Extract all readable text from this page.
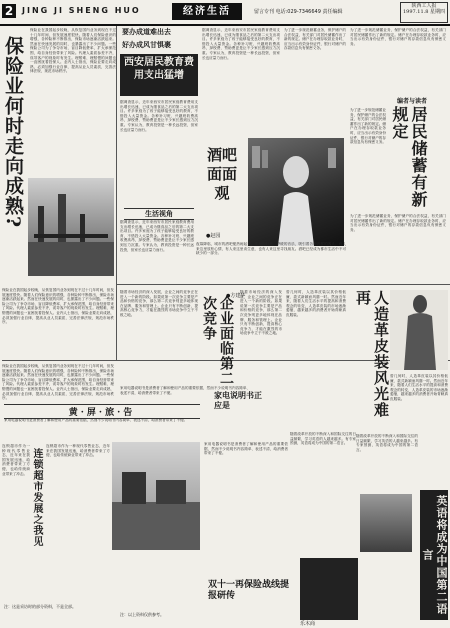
2	JING JI SHENG HUO	经济生活	留言专刊 电话:029-7346649 责任编辑
陕西工人报
1997.11.8 星期四
保险业何时走向成熟?
保险业在我国起步较晚，从恢复国内业务到现在不过十几年时间，但发展速度很快。随着人们保险意识的增强，各种险种不断推出，保险市场逐渐活跃起来。然而在快速发展的同时，也暴露出了不少问题。一些保险公司为了争夺市场，盲目降低费率，扩大承保范围，给自身经营带来了风险。代理人素质参差不齐，误导客户的现象时有发生。理赔难、理赔慢的问题也一直困扰着投保人。业内人士指出，保险业要走向成熟，必须加强行业自律，提高从业人员素质，完善法律法规，规范市场秩序。
保险业在我国起步较晚，从恢复国内业务到现在不过十几年时间，但发展速度很快。随着人们保险意识的增强，各种险种不断推出，保险市场逐渐活跃起来。然而在快速发展的同时，也暴露出了不少问题。一些保险公司为了争夺市场，盲目降低费率，扩大承保范围，给自身经营带来了风险。代理人素质参差不齐，误导客户的现象时有发生。理赔难、理赔慢的问题也一直困扰着投保人。业内人士指出，保险业要走向成熟，必须加强行业自律，提高从业人员素质，完善法律法规，规范市场秩序。
要办成道难出去
好办成风甘惧裹
西安居民教育费用支出猛增
据调查显示，近年来西安市居民家庭教育费用支出增长迅速，已成为继食品之后的第二大支出项目。许多家庭为了孩子能够接受良好的教育，不惜投入大量资金。各种补习班、兴趣班收费高昂，择校费、赞助费更是让不少家长感到压力沉重。专家认为，教育投资是一种长远投资，但家长也应量力而行。
据调查显示，近年来西安市居民家庭教育费用支出增长迅速，已成为继食品之后的第二大支出项目。许多家庭为了孩子能够接受良好的教育，不惜投入大量资金。各种补习班、兴趣班收费高昂，择校费、赞助费更是让不少家长感到压力沉重。专家认为，教育投资是一种长远投资，但家长也应量力而行。
为了进一步规范储蓄业务，保护储户的合法权益，有关部门对居民储蓄作出了新的规定。储户在办理存取款业务时，应当出示有效身份证件，银行对储户的存款信息负有保密义务。
为了进一步规范储蓄业务，保护储户的合法权益，有关部门对居民储蓄作出了新的规定。储户在办理存取款业务时，应当出示有效身份证件，银行对储户的存款信息负有保密义务。
酒吧面面观
●赵园
夜幕降临，城市的酒吧便热闹起来。柔和的灯光，舒缓的音乐，吸引着各种各样的客人。有人来这里放松心情，有人来这里谈生意，也有人来这里寻找朋友。酒吧已经成为都市生活中不可缺少的一部分。
生活视角
据调查显示，近年来西安市居民家庭教育费用支出增长迅速，已成为继食品之后的第二大支出项目。许多家庭为了孩子能够接受良好的教育，不惜投入大量资金。各种补习班、兴趣班收费高昂，择校费、赞助费更是让不少家长感到压力沉重。专家认为，教育投资是一种长远投资，但家长也应量力而行。
编者与读者
居民储蓄有新规定
为了进一步规范储蓄业务，保护储户的合法权益，有关部门对居民储蓄作出了新的规定。储户在办理存取款业务时，应当出示有效身份证件，银行对储户的存款信息负有保密义务。
为了进一步规范储蓄业务，保护储户的合法权益，有关部门对居民储蓄作出了新的规定。储户在办理存取款业务时，应当出示有效身份证件，银行对储户的存款信息负有保密义务。
随着市场经济的深入发展，企业之间的竞争正在进入一个新的阶段。如果说第一次竞争主要是产品和价格的竞争，那么第二次竞争则更多地体现在品牌、服务和管理上。企业只有不断创新，提高核心竞争力，才能在激烈的市场竞争中立于不败之地。	企业面临第二次竞争	●方建华
随着市场经济的深入发展，企业之间的竞争正在进入一个新的阶段。如果说第一次竞争主要是产品和价格的竞争，那么第二次竞争则更多地体现在品牌、服务和管理上。企业只有不断创新，提高核心竞争力，才能在激烈的市场竞争中立于不败之地。
曾几何时，人造革皮装以其价格低廉、款式新颖而风靡一时。然而近年来，随着人们生活水平的提高和消费观念的转变，人造革皮装的市场逐渐萎缩，越来越多的消费者开始青睐真皮服装。	人造革皮装风光难再
曾几何时，人造革皮装以其价格低廉、款式新颖而风靡一时。然而近年来，随着人们生活水平的提高和消费观念的转变，人造革皮装的市场逐渐萎缩，越来越多的消费者开始青睐真皮服装。
保险业在我国起步较晚，从恢复国内业务到现在不过十几年时间，但发展速度很快。随着人们保险意识的增强，各种险种不断推出，保险市场逐渐活跃起来。然而在快速发展的同时，也暴露出了不少问题。一些保险公司为了争夺市场，盲目降低费率，扩大承保范围，给自身经营带来了风险。代理人素质参差不齐，误导客户的现象时有发生。理赔难、理赔慢的问题也一直困扰着投保人。业内人士指出，保险业要走向成熟，必须加强行业自律，提高从业人员素质，完善法律法规，规范市场秩序。
黄·屏·旅·告
家用电器说明书是消费者了解和使用产品的重要依据，然而不少说明书内容简单、表述不清，给消费者带来了不便。
连锁超市作为一种现代零售业态，近年来在我国发展迅速，给消费者带来了方便，也给传统商业带来了冲击。 连锁超市发展之我见
连锁超市作为一种现代零售业态，近年来在我国发展迅速，给消费者带来了方便，也给传统商业带来了冲击。
家用电器说明书是消费者了解和使用产品的重要依据，然而不少说明书内容简单、表述不清，给消费者带来了不便。	家电说明书正应是
家用电器说明书是消费者了解和使用产品的重要依据，然而不少说明书内容简单、表述不清，给消费者带来了不便。
随着改革开放的不断深入和国际交往的日益频繁，学习英语的人越来越多。有专家预测，英语将成为中国的第二语言。
英语将成为中国第二语言
随着改革开放的不断深入和国际交往的日益频繁，学习英语的人越来越多。有专家预测，英语将成为中国的第二语言。
双十一再保险战线提报研传
乐木商
注：这是采访时的部分资料，不是全部。
注：以上资料仅供参考。
